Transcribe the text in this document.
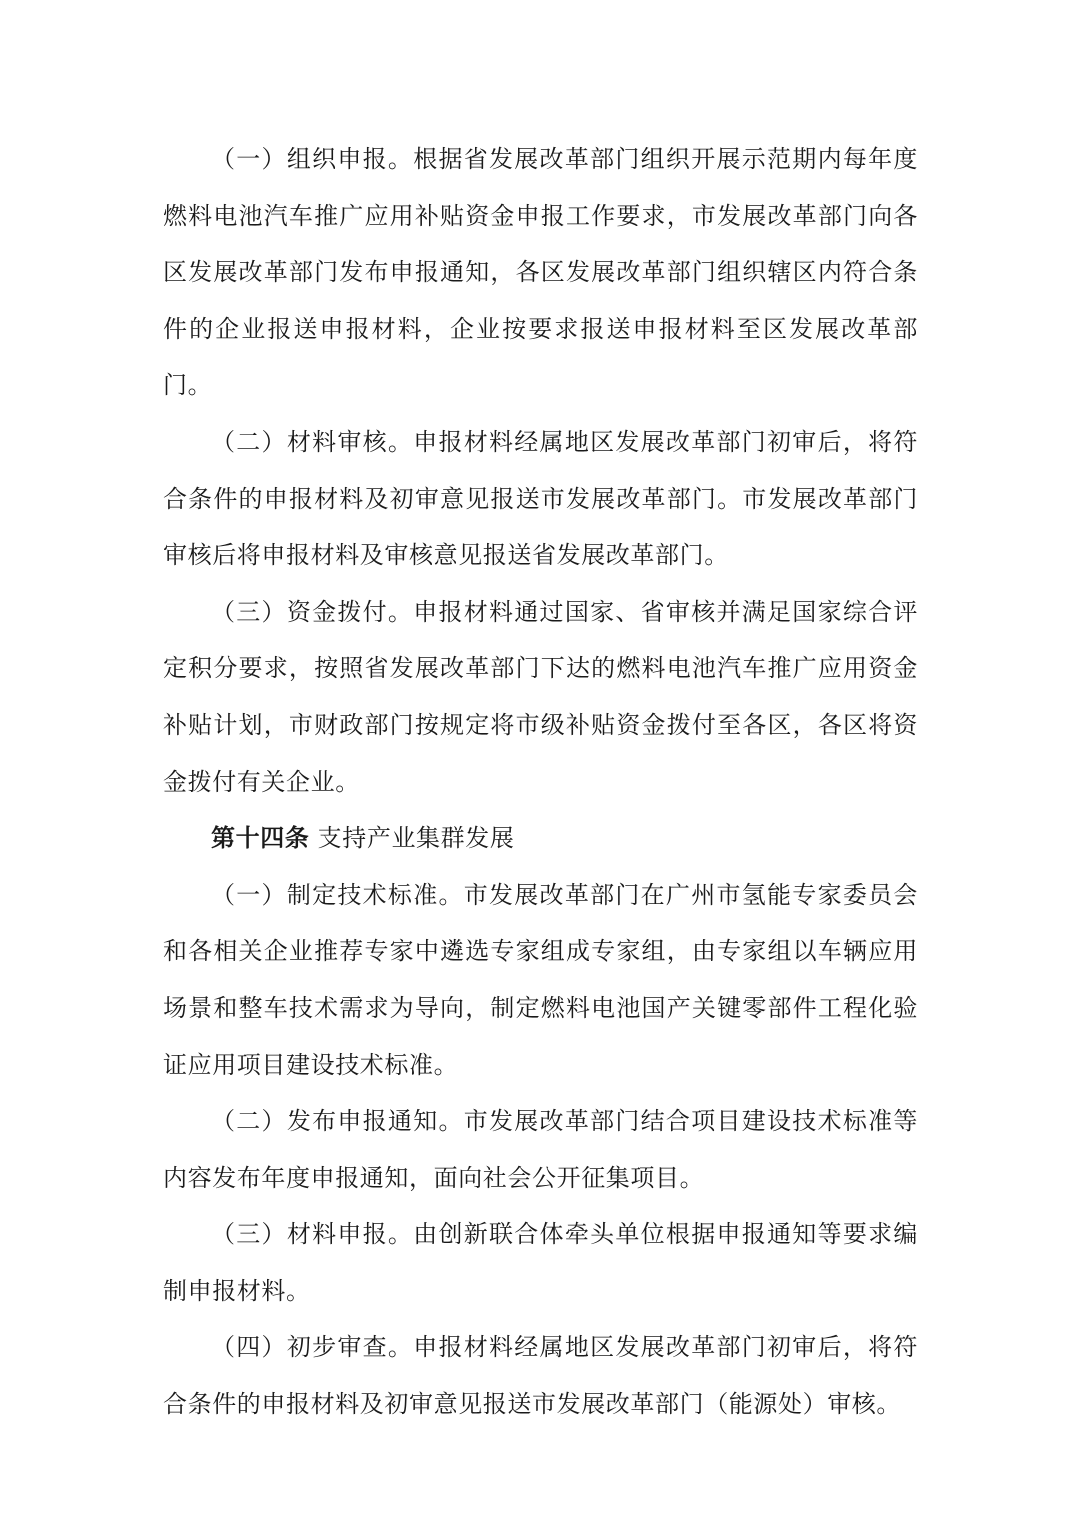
（一）组织申报。根据省发展改革部门组织开展示范期内每年度燃料电池汽车推广应用补贴资金申报工作要求，市发展改革部门向各区发展改革部门发布申报通知，各区发展改革部门组织辖区内符合条件的企业报送申报材料，企业按要求报送申报材料至区发展改革部门。

（二）材料审核。申报材料经属地区发展改革部门初审后，将符合条件的申报材料及初审意见报送市发展改革部门。市发展改革部门审核后将申报材料及审核意见报送省发展改革部门。

（三）资金拨付。申报材料通过国家、省审核并满足国家综合评定积分要求，按照省发展改革部门下达的燃料电池汽车推广应用资金补贴计划，市财政部门按规定将市级补贴资金拨付至各区，各区将资金拨付有关企业。

第十四条 支持产业集群发展

（一）制定技术标准。市发展改革部门在广州市氢能专家委员会和各相关企业推荐专家中遴选专家组成专家组，由专家组以车辆应用场景和整车技术需求为导向，制定燃料电池国产关键零部件工程化验证应用项目建设技术标准。

（二）发布申报通知。市发展改革部门结合项目建设技术标准等内容发布年度申报通知，面向社会公开征集项目。

（三）材料申报。由创新联合体牵头单位根据申报通知等要求编制申报材料。

（四）初步审查。申报材料经属地区发展改革部门初审后，将符合条件的申报材料及初审意见报送市发展改革部门（能源处）审核。
